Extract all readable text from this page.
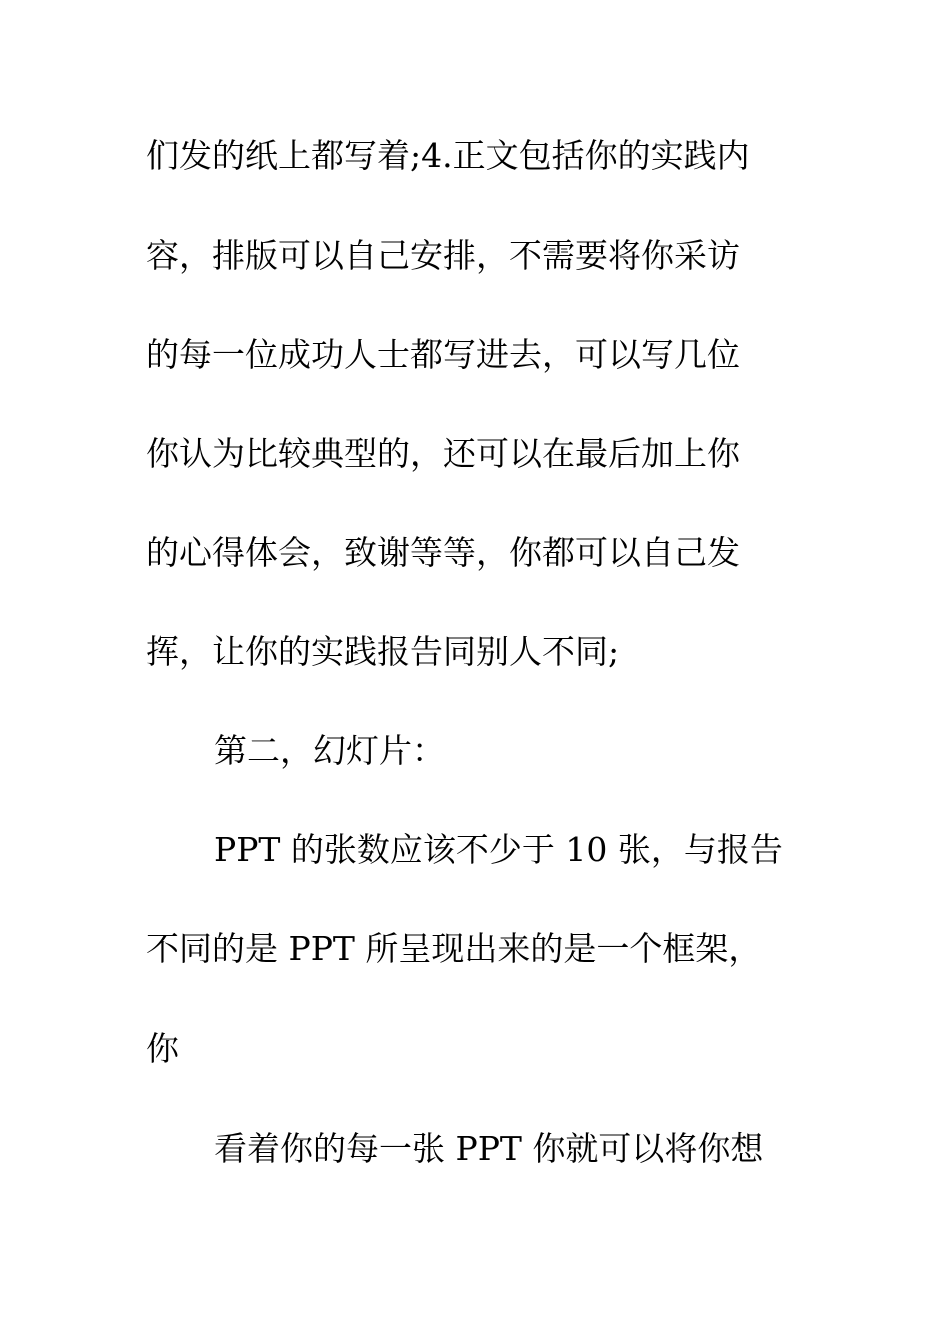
们发的纸上都写着;4.正文包括你的实践内
容，排版可以自己安排，不需要将你采访
的每一位成功人士都写进去，可以写几位
你认为比较典型的，还可以在最后加上你
的心得体会，致谢等等，你都可以自己发
挥，让你的实践报告同别人不同;
第二，幻灯片：
PPT 的张数应该不少于 10 张，与报告
不同的是 PPT 所呈现出来的是一个框架，
你
看着你的每一张 PPT 你就可以将你想
